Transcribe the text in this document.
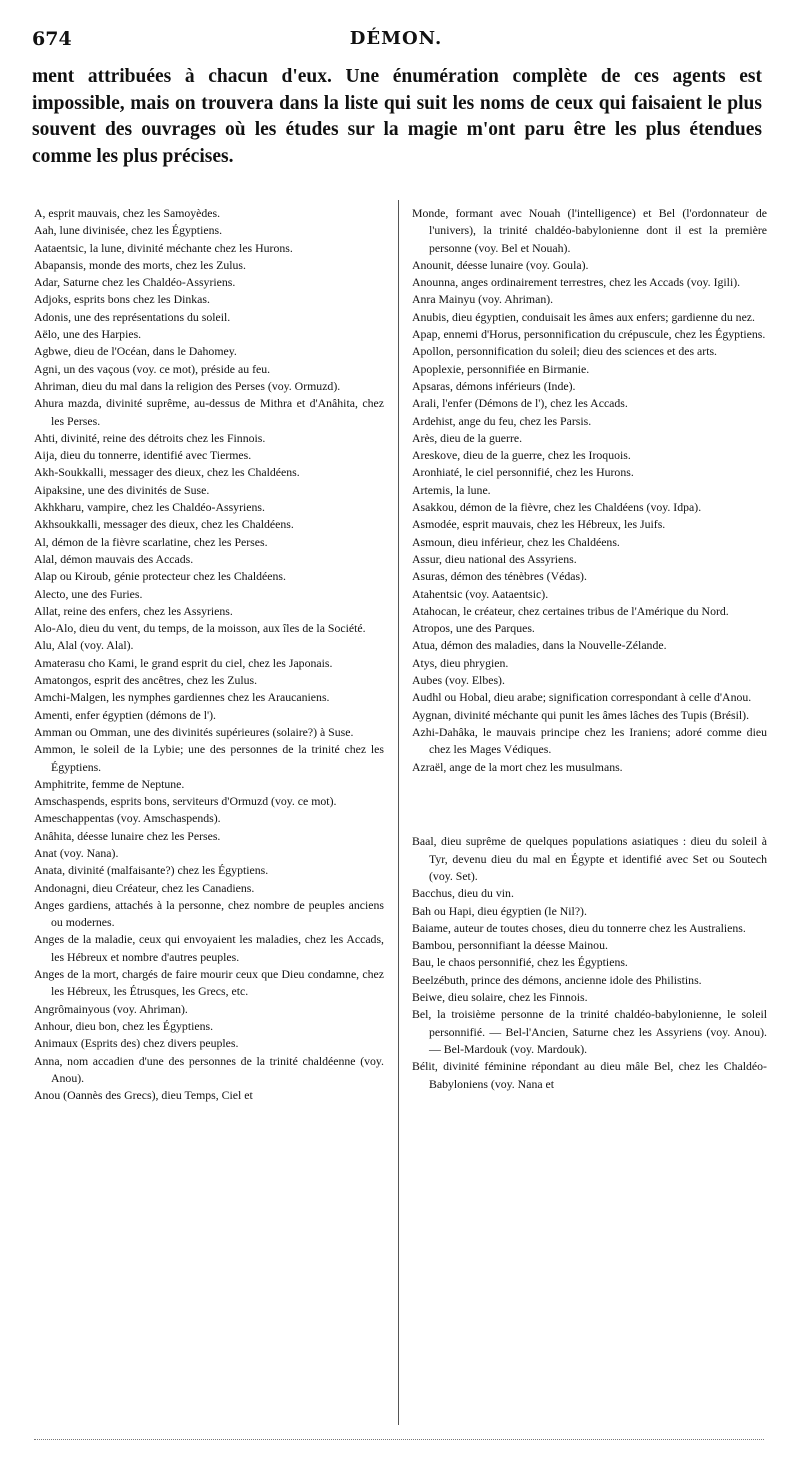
674	DÉMON.
ment attribuées à chacun d'eux. Une énumération complète de ces agents est impossible, mais on trouvera dans la liste qui suit les noms de ceux qui faisaient le plus souvent des ouvrages où les études sur la magie m'ont paru être les plus étendues comme les plus précises.

A, esprit mauvais, chez les Samoyèdes.

Aah, lune divinisée, chez les Égyptiens.

Aataentsic, la lune, divinité méchante chez les Hurons.

Abapansis, monde des morts, chez les Zulus.

Adar, Saturne chez les Chaldéo-Assyriens.

Adjoks, esprits bons chez les Dinkas.

Adonis, une des représentations du soleil.

Aëlo, une des Harpies.

Agbwe, dieu de l'Océan, dans le Dahomey.

Agni, un des vaçous (voy. ce mot), préside au feu.

Ahriman, dieu du mal dans la religion des Perses (voy. Ormuzd).

Ahura mazda, divinité suprême, au-dessus de Mithra et d'Anâhita, chez les Perses.

Ahti, divinité, reine des détroits chez les Finnois.

Aija, dieu du tonnerre, identifié avec Tiermes.

Akh-Soukkalli, messager des dieux, chez les Chaldéens.

Aipaksine, une des divinités de Suse.

Akhkharu, vampire, chez les Chaldéo-Assyriens.

Akhsoukkalli, messager des dieux, chez les Chaldéens.

Al, démon de la fièvre scarlatine, chez les Perses.

Alal, démon mauvais des Accads.

Alap ou Kiroub, génie protecteur chez les Chaldéens.

Alecto, une des Furies.

Allat, reine des enfers, chez les Assyriens.

Alo-Alo, dieu du vent, du temps, de la moisson, aux îles de la Société.

Alu, Alal (voy. Alal).

Amaterasu cho Kami, le grand esprit du ciel, chez les Japonais.

Amatongos, esprit des ancêtres, chez les Zulus.

Amchi-Malgen, les nymphes gardiennes chez les Araucaniens.

Amenti, enfer égyptien (démons de l').

Amman ou Omman, une des divinités supérieures (solaire?) à Suse.

Ammon, le soleil de la Lybie; une des personnes de la trinité chez les Égyptiens.

Amphitrite, femme de Neptune.

Amschaspends, esprits bons, serviteurs d'Ormuzd (voy. ce mot).

Ameschappentas (voy. Amschaspends).

Anâhita, déesse lunaire chez les Perses.

Anat (voy. Nana).

Anata, divinité (malfaisante?) chez les Égyptiens.

Andonagni, dieu Créateur, chez les Canadiens.

Anges gardiens, attachés à la personne, chez nombre de peuples anciens ou modernes.

Anges de la maladie, ceux qui envoyaient les maladies, chez les Accads, les Hébreux et nombre d'autres peuples.

Anges de la mort, chargés de faire mourir ceux que Dieu condamne, chez les Hébreux, les Étrusques, les Grecs, etc.

Angrômainyous (voy. Ahriman).

Anhour, dieu bon, chez les Égyptiens.

Animaux (Esprits des) chez divers peuples.

Anna, nom accadien d'une des personnes de la trinité chaldéenne (voy. Anou).

Anou (Oannès des Grecs), dieu Temps, Ciel et

Monde, formant avec Nouah (l'intelligence) et Bel (l'ordonnateur de l'univers), la trinité chaldéo-babylonienne dont il est la première personne (voy. Bel et Nouah).

Anounit, déesse lunaire (voy. Goula).

Anounna, anges ordinairement terrestres, chez les Accads (voy. Igili).

Anra Mainyu (voy. Ahriman).

Anubis, dieu égyptien, conduisait les âmes aux enfers; gardienne du nez.

Apap, ennemi d'Horus, personnification du crépuscule, chez les Égyptiens.

Apollon, personnification du soleil; dieu des sciences et des arts.

Apoplexie, personnifiée en Birmanie.

Apsaras, démons inférieurs (Inde).

Arali, l'enfer (Démons de l'), chez les Accads.

Ardehist, ange du feu, chez les Parsis.

Arès, dieu de la guerre.

Areskove, dieu de la guerre, chez les Iroquois.

Aronhiaté, le ciel personnifié, chez les Hurons.

Artemis, la lune.

Asakkou, démon de la fièvre, chez les Chaldéens (voy. Idpa).

Asmodée, esprit mauvais, chez les Hébreux, les Juifs.

Asmoun, dieu inférieur, chez les Chaldéens.

Assur, dieu national des Assyriens.

Asuras, démon des ténèbres (Védas).

Atahentsic (voy. Aataentsic).

Atahocan, le créateur, chez certaines tribus de l'Amérique du Nord.

Atropos, une des Parques.

Atua, démon des maladies, dans la Nouvelle-Zélande.

Atys, dieu phrygien.

Aubes (voy. Elbes).

Audhl ou Hobal, dieu arabe; signification correspondant à celle d'Anou.

Aygnan, divinité méchante qui punit les âmes lâches des Tupis (Brésil).

Azhi-Dahâka, le mauvais principe chez les Iraniens; adoré comme dieu chez les Mages Védiques.

Azraël, ange de la mort chez les musulmans.

Baal, dieu suprême de quelques populations asiatiques : dieu du soleil à Tyr, devenu dieu du mal en Égypte et identifié avec Set ou Soutech (voy. Set).

Bacchus, dieu du vin.

Bah ou Hapi, dieu égyptien (le Nil?).

Baiame, auteur de toutes choses, dieu du tonnerre chez les Australiens.

Bambou, personnifiant la déesse Mainou.

Bau, le chaos personnifié, chez les Égyptiens.

Beelzébuth, prince des démons, ancienne idole des Philistins.

Beiwe, dieu solaire, chez les Finnois.

Bel, la troisième personne de la trinité chaldéo-babylonienne, le soleil personnifié. — Bel-l'Ancien, Saturne chez les Assyriens (voy. Anou). — Bel-Mardouk (voy. Mardouk).

Bélit, divinité féminine répondant au dieu mâle Bel, chez les Chaldéo-Babyloniens (voy. Nana et
